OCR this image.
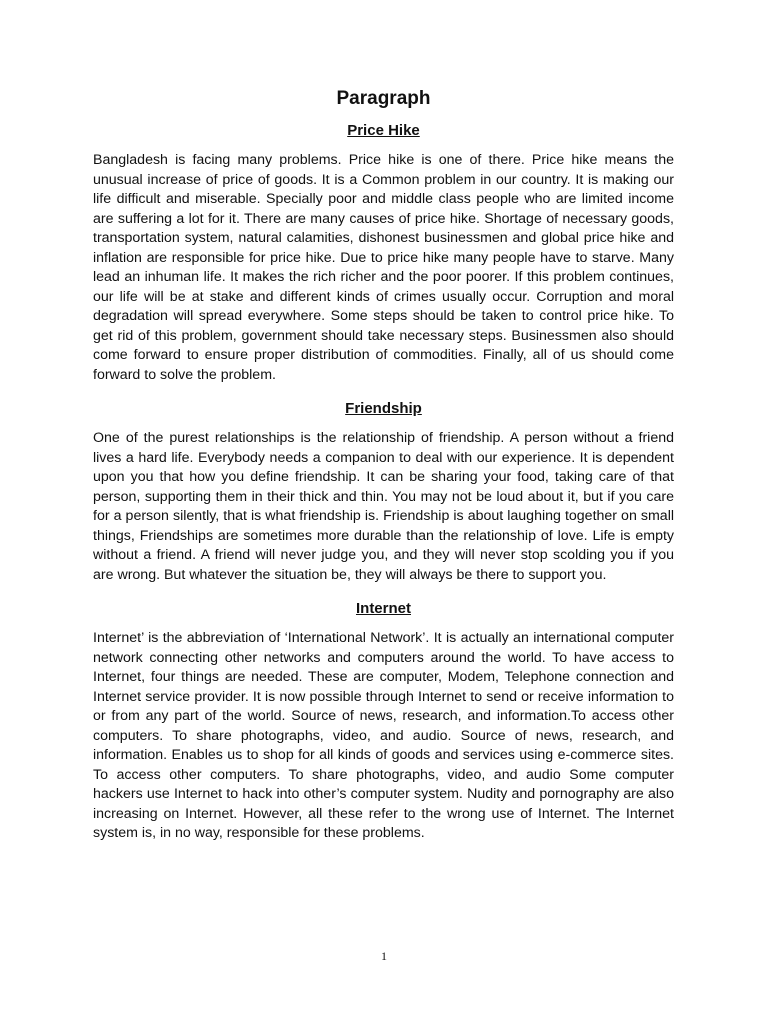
Paragraph
Price Hike

Bangladesh is facing many problems. Price hike is one of there. Price hike means the unusual increase of price of goods. It is a Common problem in our country. It is making our life difficult and miserable. Specially poor and middle class people who are limited income are suffering a lot for it. There are many causes of price hike. Shortage of necessary goods, transportation system, natural calamities, dishonest businessmen and global price hike and inflation are responsible for price hike. Due to price hike many people have to starve. Many lead an inhuman life. It makes the rich richer and the poor poorer. If this problem continues, our life will be at stake and different kinds of crimes usually occur. Corruption and moral degradation will spread everywhere. Some steps should be taken to control price hike. To get rid of this problem, government should take necessary steps. Businessmen also should come forward to ensure proper distribution of commodities. Finally, all of us should come forward to solve the problem.

Friendship

One of the purest relationships is the relationship of friendship. A person without a friend lives a hard life. Everybody needs a companion to deal with our experience. It is dependent upon you that how you define friendship. It can be sharing your food, taking care of that person, supporting them in their thick and thin. You may not be loud about it, but if you care for a person silently, that is what friendship is. Friendship is about laughing together on small things, Friendships are sometimes more durable than the relationship of love. Life is empty without a friend. A friend will never judge you, and they will never stop scolding you if you are wrong. But whatever the situation be, they will always be there to support you.

Internet

Internet’ is the abbreviation of ‘International Network’. It is actually an international computer network connecting other networks and computers around the world. To have access to Internet, four things are needed. These are computer, Modem, Telephone connection and Internet service provider. It is now possible through Internet to send or receive information to or from any part of the world. Source of news, research, and information.To access other computers. To share photographs, video, and audio. Source of news, research, and information. Enables us to shop for all kinds of goods and services using e-commerce sites. To access other computers. To share photographs, video, and audio Some computer hackers use Internet to hack into other’s computer system. Nudity and pornography are also increasing on Internet. However, all these refer to the wrong use of Internet. The Internet system is, in no way, responsible for these problems.

1
